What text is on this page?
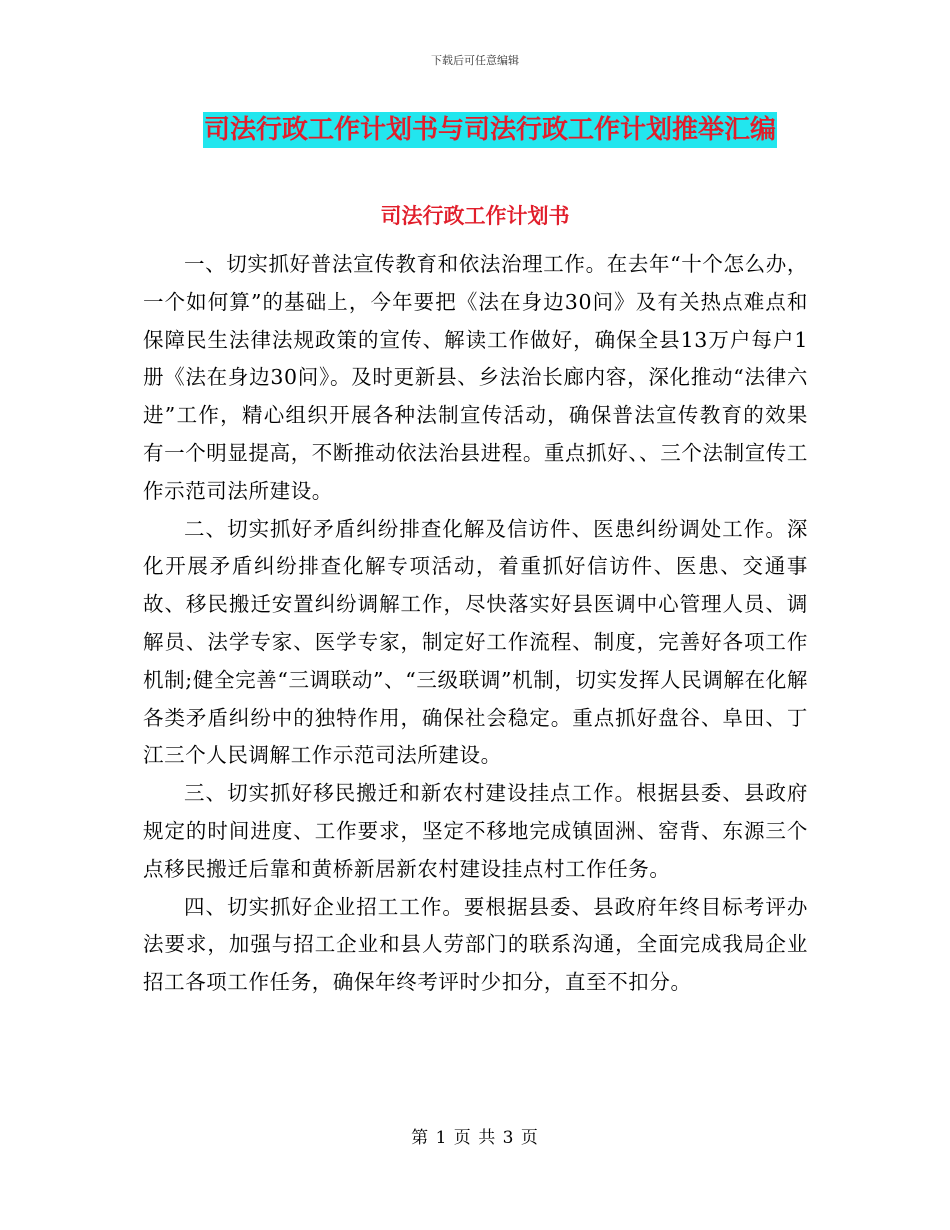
下载后可任意编辑
司法行政工作计划书与司法行政工作计划推举汇编
司法行政工作计划书

一、切实抓好普法宣传教育和依法治理工作。在去年“十个怎么办，一个如何算”的基础上，今年要把《法在身边30问》及有关热点难点和保障民生法律法规政策的宣传、解读工作做好，确保全县13万户每户1册《法在身边30问》。及时更新县、乡法治长廊内容，深化推动“法律六进”工作，精心组织开展各种法制宣传活动，确保普法宣传教育的效果有一个明显提高，不断推动依法治县进程。重点抓好、、三个法制宣传工作示范司法所建设。

二、切实抓好矛盾纠纷排查化解及信访件、医患纠纷调处工作。深化开展矛盾纠纷排查化解专项活动，着重抓好信访件、医患、交通事故、移民搬迁安置纠纷调解工作，尽快落实好县医调中心管理人员、调解员、法学专家、医学专家，制定好工作流程、制度，完善好各项工作机制;健全完善“三调联动”、“三级联调”机制，切实发挥人民调解在化解各类矛盾纠纷中的独特作用，确保社会稳定。重点抓好盘谷、阜田、丁江三个人民调解工作示范司法所建设。

三、切实抓好移民搬迁和新农村建设挂点工作。根据县委、县政府规定的时间进度、工作要求，坚定不移地完成镇固洲、窑背、东源三个点移民搬迁后靠和黄桥新居新农村建设挂点村工作任务。

四、切实抓好企业招工工作。要根据县委、县政府年终目标考评办法要求，加强与招工企业和县人劳部门的联系沟通，全面完成我局企业招工各项工作任务，确保年终考评时少扣分，直至不扣分。

第 1 页 共 3 页
